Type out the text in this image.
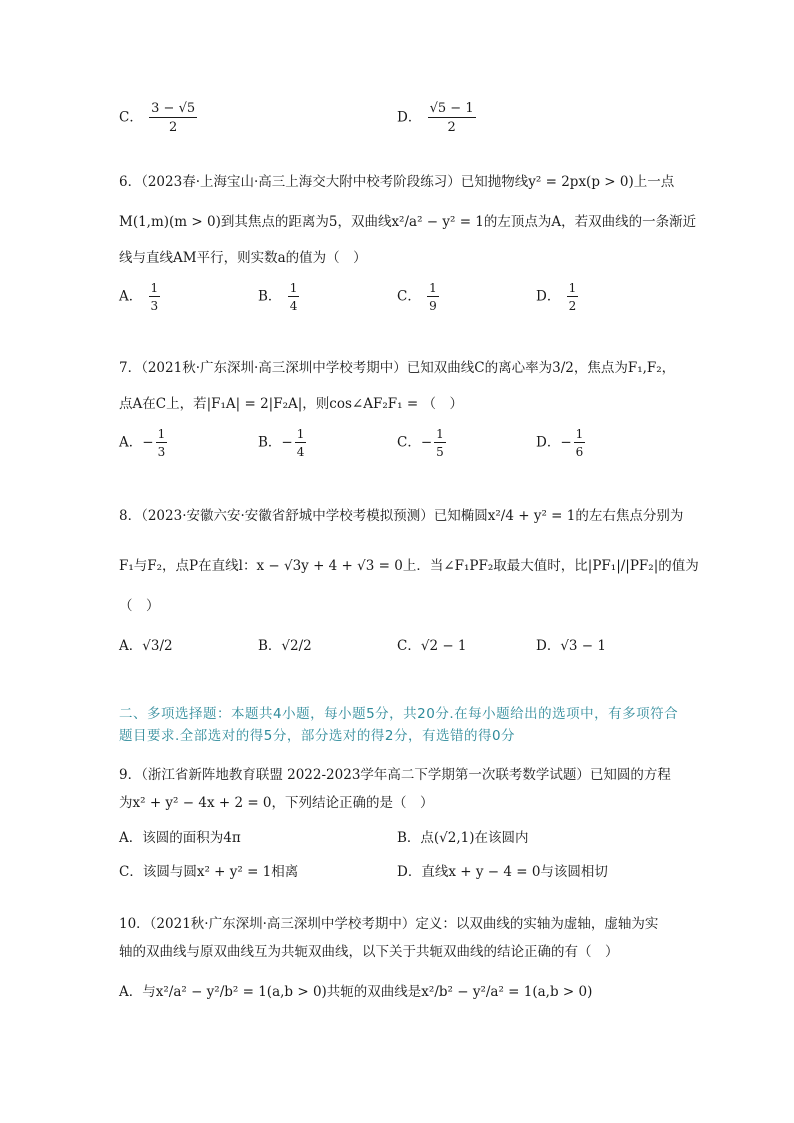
C． $\frac{3 - √5}{2}$	D． $\frac{√5 - 1}{2}$
6．（2023春·上海宝山·高三上海交大附中校考阶段练习）已知抛物线y² = 2px(p > 0)上一点
M(1,m)(m > 0)到其焦点的距离为5，双曲线x²/a² − y² = 1的左顶点为A，若双曲线的一条渐近
线与直线AM平行，则实数a的值为（　）
A． $\frac{1}{3}$	B． $\frac{1}{4}$	C． $\frac{1}{9}$	D． $\frac{1}{2}$
7．（2021秋·广东深圳·高三深圳中学校考期中）已知双曲线C的离心率为3/2，焦点为F₁,F₂，
点A在C上，若|F₁A| = 2|F₂A|，则cos∠AF₂F₁ = （　）
A．− $\frac{1}{3}$	B．− $\frac{1}{4}$	C．− $\frac{1}{5}$	D．− $\frac{1}{6}$
8．（2023·安徽六安·安徽省舒城中学校考模拟预测）已知椭圆x²/4 + y² = 1的左右焦点分别为
F₁与F₂，点P在直线l：x − √3y + 4 + √3 = 0上．当∠F₁PF₂取最大值时，比|PF₁|/|PF₂|的值为
（　）
A．√3/2	B．√2/2	C．√2 − 1	D．√3 − 1
二、多项选择题：本题共4小题，每小题5分，共20分.在每小题给出的选项中，有多项符合题目要求.全部选对的得5分，部分选对的得2分，有选错的得0分
9．（浙江省新阵地教育联盟 2022-2023学年高二下学期第一次联考数学试题）已知圆的方程
为x² + y² − 4x + 2 = 0，下列结论正确的是（　）
A．该圆的面积为4π	B．点(√2,1)在该圆内
C．该圆与圆x² + y² = 1相离	D．直线x + y − 4 = 0与该圆相切
10．（2021秋·广东深圳·高三深圳中学校考期中）定义：以双曲线的实轴为虚轴，虚轴为实
轴的双曲线与原双曲线互为共轭双曲线，以下关于共轭双曲线的结论正确的有（　）
A．与x²/a² − y²/b² = 1(a,b > 0)共轭的双曲线是x²/b² − y²/a² = 1(a,b > 0)
